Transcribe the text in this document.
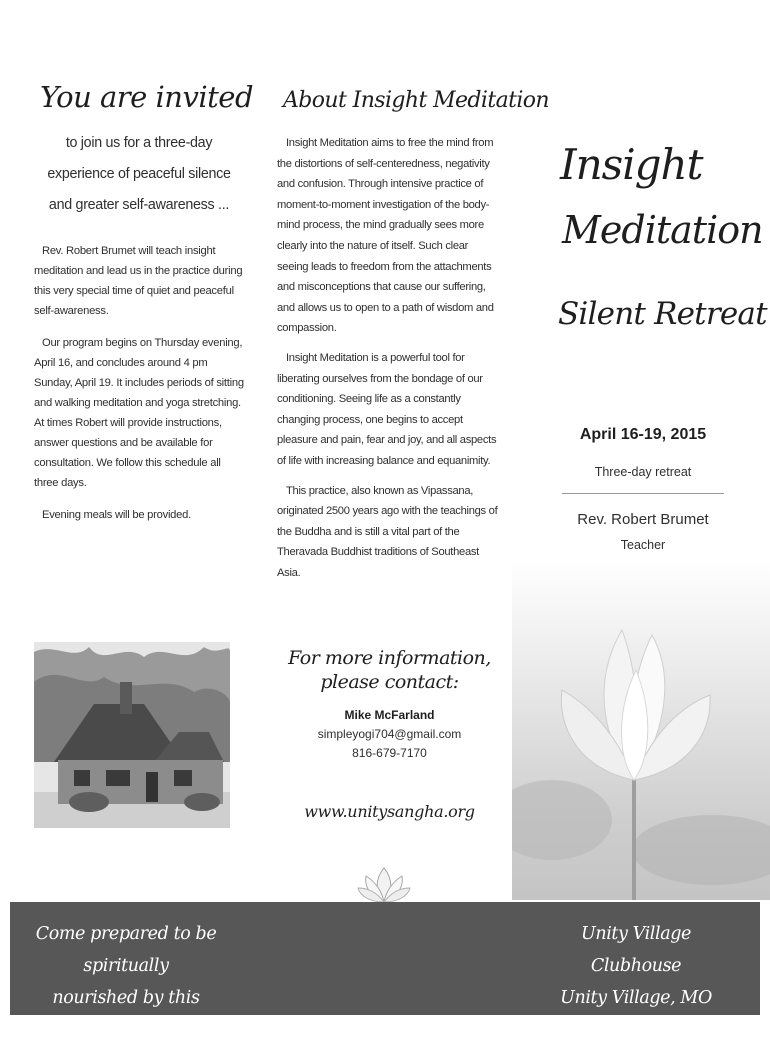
You are invited
to join us for a three-day
experience of peaceful silence
and greater self-awareness ...

Rev. Robert Brumet will teach insight meditation and lead us in the practice during this very special time of quiet and peaceful self-awareness.

Our program begins on Thursday evening, April 16, and concludes around 4 pm Sunday, April 19. It includes periods of sitting and walking meditation and yoga stretching. At times Robert will provide instructions, answer questions and be available for consultation. We follow this schedule all three days.

Evening meals will be provided.

About Insight Meditation

Insight Meditation aims to free the mind from the distortions of self-centeredness, negativity and confusion. Through intensive practice of moment-to-moment investigation of the body-mind process, the mind gradually sees more clearly into the nature of itself. Such clear seeing leads to freedom from the attachments and misconceptions that cause our suffering, and allows us to open to a path of wisdom and compassion.

Insight Meditation is a powerful tool for liberating ourselves from the bondage of our conditioning. Seeing life as a constantly changing process, one begins to accept pleasure and pain, fear and joy, and all aspects of life with increasing balance and equanimity.

This practice, also known as Vipassana, originated 2500 years ago with the teachings of the Buddha and is still a vital part of the Theravada Buddhist traditions of Southeast Asia.

Insight
Meditation
Silent Retreat
April 16-19, 2015
Three-day retreat
Rev. Robert Brumet
Teacher
For more information,
please contact:
Mike McFarland
simpleyogi704@gmail.com
816-679-7170
www.unitysangha.org
Come prepared to be spiritually
nourished by this experience.
Unity Village Clubhouse
Unity Village, MO
